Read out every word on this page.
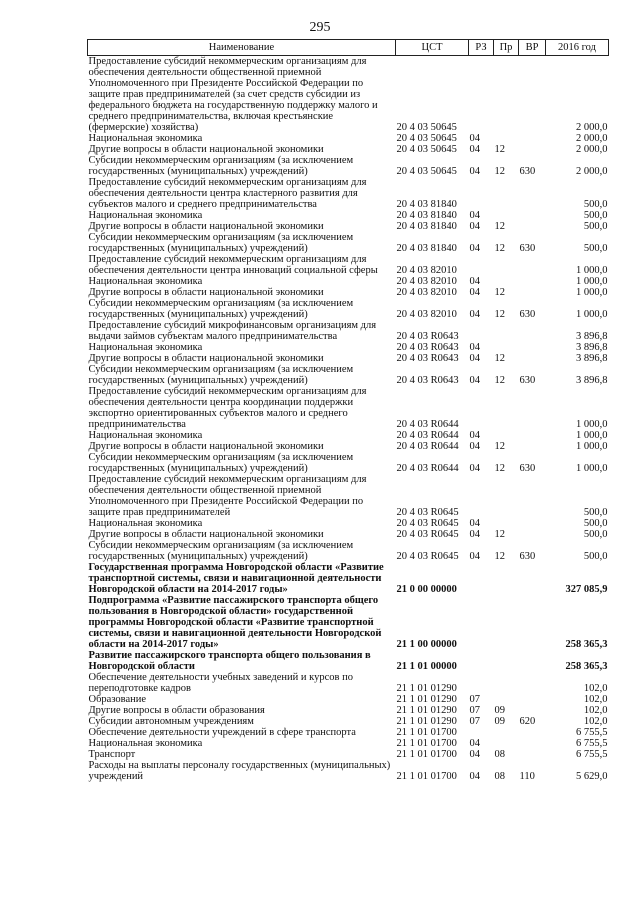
295
Наименование	ЦСТ	РЗ	Пр	ВР	2016 год
Предоставление субсидий некоммерческим организациям для обеспечения деятельности общественной приемной Уполномоченного при Президенте Российской Федерации по защите прав предпринимателей (за счет средств субсидии из федерального бюджета на государственную поддержку малого и среднего предпринимательства, включая крестьянские (фермерские) хозяйства)	20 4 03 50645				2 000,0
Национальная экономика	20 4 03 50645	04			2 000,0
Другие вопросы в области национальной экономики	20 4 03 50645	04	12		2 000,0
Субсидии некоммерческим организациям (за исключением государственных (муниципальных) учреждений)	20 4 03 50645	04	12	630	2 000,0
Предоставление субсидий некоммерческим организациям для обеспечения деятельности центра кластерного развития для субъектов малого и среднего предпринимательства	20 4 03 81840				500,0
Национальная экономика	20 4 03 81840	04			500,0
Другие вопросы в области национальной экономики	20 4 03 81840	04	12		500,0
Субсидии некоммерческим организациям (за исключением государственных (муниципальных) учреждений)	20 4 03 81840	04	12	630	500,0
Предоставление субсидий некоммерческим организациям для обеспечения деятельности центра инноваций социальной сферы	20 4 03 82010				1 000,0
Национальная экономика	20 4 03 82010	04			1 000,0
Другие вопросы в области национальной экономики	20 4 03 82010	04	12		1 000,0
Субсидии некоммерческим организациям (за исключением государственных (муниципальных) учреждений)	20 4 03 82010	04	12	630	1 000,0
Предоставление субсидий микрофинансовым организациям для выдачи займов субъектам малого предпринимательства	20 4 03 R0643				3 896,8
Национальная экономика	20 4 03 R0643	04			3 896,8
Другие вопросы в области национальной экономики	20 4 03 R0643	04	12		3 896,8
Субсидии некоммерческим организациям (за исключением государственных (муниципальных) учреждений)	20 4 03 R0643	04	12	630	3 896,8
Предоставление субсидий некоммерческим организациям для обеспечения деятельности центра координации поддержки экспортно ориентированных субъектов малого и среднего предпринимательства	20 4 03 R0644				1 000,0
Национальная экономика	20 4 03 R0644	04			1 000,0
Другие вопросы в области национальной экономики	20 4 03 R0644	04	12		1 000,0
Субсидии некоммерческим организациям (за исключением государственных (муниципальных) учреждений)	20 4 03 R0644	04	12	630	1 000,0
Предоставление субсидий некоммерческим организациям для обеспечения деятельности общественной приемной Уполномоченного при Президенте Российской Федерации по защите прав предпринимателей	20 4 03 R0645				500,0
Национальная экономика	20 4 03 R0645	04			500,0
Другие вопросы в области национальной экономики	20 4 03 R0645	04	12		500,0
Субсидии некоммерческим организациям (за исключением государственных (муниципальных) учреждений)	20 4 03 R0645	04	12	630	500,0
Государственная программа Новгородской области «Развитие транспортной системы, связи и навигационной деятельности Новгородской области на 2014-2017 годы»	21 0 00 00000				327 085,9
Подпрограмма «Развитие пассажирского транспорта общего пользования в Новгородской области» государственной программы Новгородской области «Развитие транспортной системы, связи и навигационной деятельности Новгородской области на 2014-2017 годы»	21 1 00 00000				258 365,3
Развитие пассажирского транспорта общего пользования в Новгородской области	21 1 01 00000				258 365,3
Обеспечение деятельности учебных заведений и курсов по переподготовке кадров	21 1 01 01290				102,0
Образование	21 1 01 01290	07			102,0
Другие вопросы в области образования	21 1 01 01290	07	09		102,0
Субсидии автономным учреждениям	21 1 01 01290	07	09	620	102,0
Обеспечение деятельности учреждений в сфере транспорта	21 1 01 01700				6 755,5
Национальная экономика	21 1 01 01700	04			6 755,5
Транспорт	21 1 01 01700	04	08		6 755,5
Расходы на выплаты персоналу государственных (муниципальных) учреждений	21 1 01 01700	04	08	110	5 629,0
